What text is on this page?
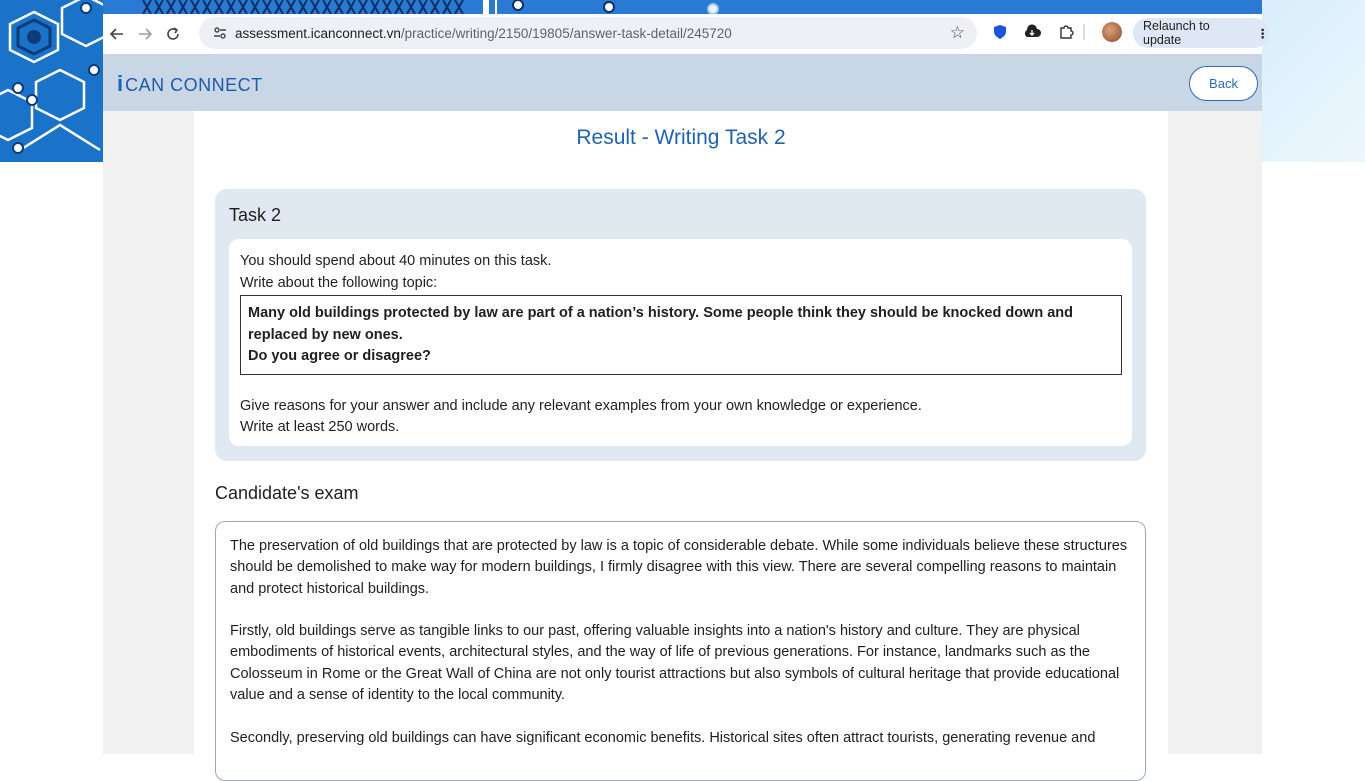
assessment.icanconnect.vn/practice/writing/2150/19805/answer-task-detail/245720	☆	Relaunch to update	⋮
i CAN CONNECT	Back
Result - Writing Task 2
Task 2
You should spend about 40 minutes on this task.
Write about the following topic:
Many old buildings protected by law are part of a nation’s history. Some people think they should be knocked down and replaced by new ones.
Do you agree or disagree?
Give reasons for your answer and include any relevant examples from your own knowledge or experience.
Write at least 250 words.
Candidate's exam

The preservation of old buildings that are protected by law is a topic of considerable debate. While some individuals believe these structures should be demolished to make way for modern buildings, I firmly disagree with this view. There are several compelling reasons to maintain and protect historical buildings.

Firstly, old buildings serve as tangible links to our past, offering valuable insights into a nation's history and culture. They are physical embodiments of historical events, architectural styles, and the way of life of previous generations. For instance, landmarks such as the Colosseum in Rome or the Great Wall of China are not only tourist attractions but also symbols of cultural heritage that provide educational value and a sense of identity to the local community.

Secondly, preserving old buildings can have significant economic benefits. Historical sites often attract tourists, generating revenue and
